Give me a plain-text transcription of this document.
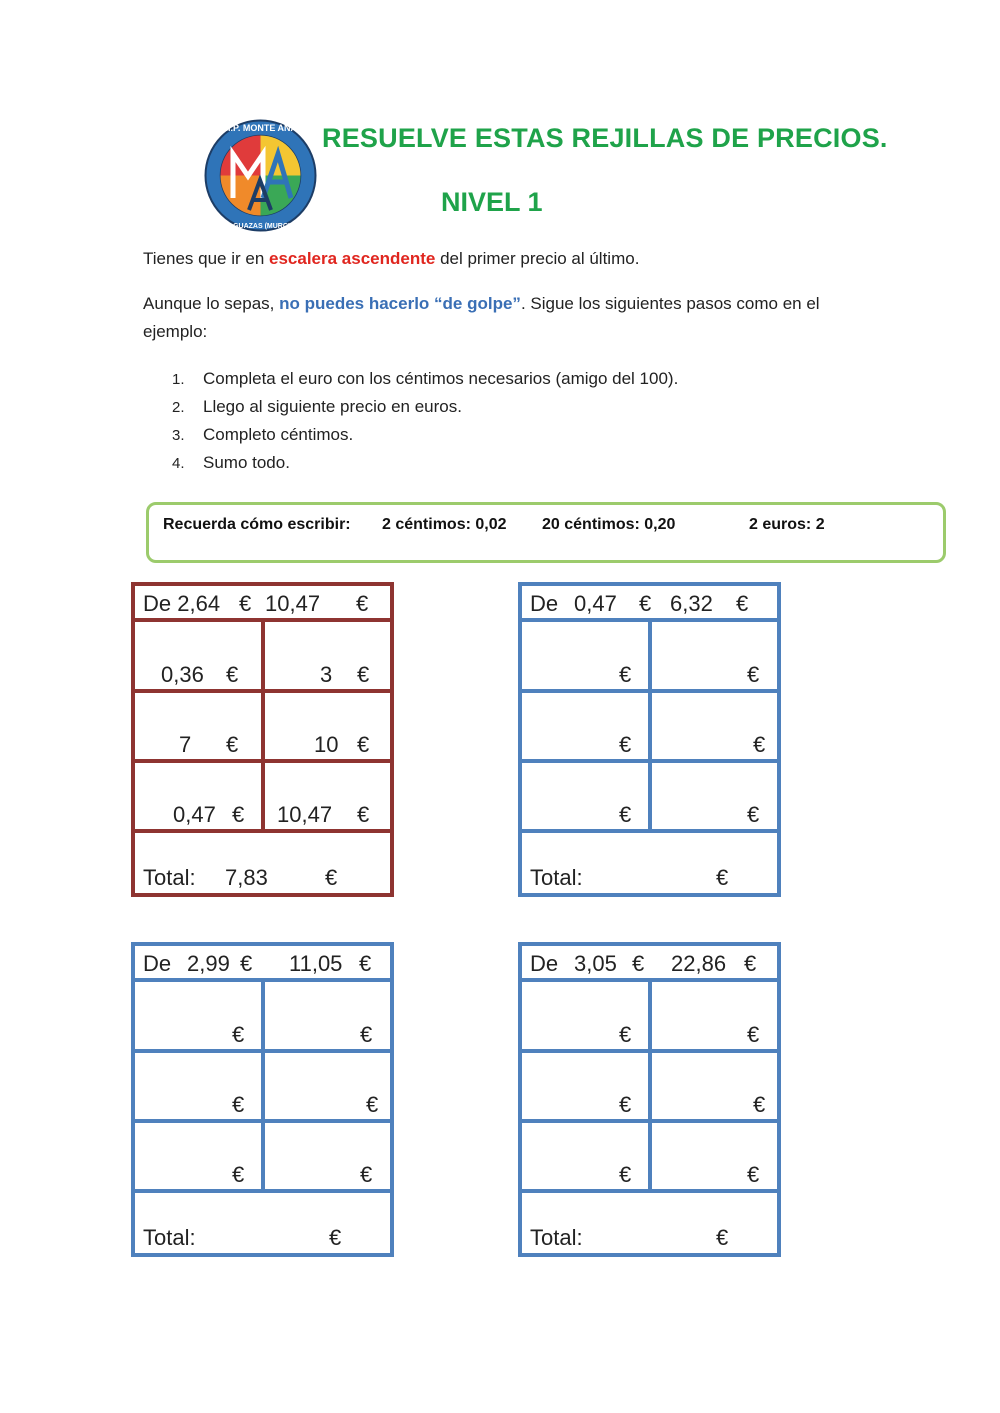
C.E.I.P. MONTE ANAOR
ALGUAZAS (MURCIA)
RESUELVE ESTAS REJILLAS DE PRECIOS.
NIVEL 1
Tienes que ir en escalera ascendente del primer precio al último.
Aunque lo sepas, no puedes hacerlo “de golpe”. Sigue los siguientes pasos como en el
ejemplo:
1. Completa el euro con los céntimos necesarios (amigo del 100).
2. Llego al siguiente precio en euros.
3. Completo céntimos.
4. Sumo todo.
Recuerda cómo escribir: 2 céntimos: 0,02 20 céntimos: 0,20	2 euros: 2
De 2,64 € 10,47 €
0,36 €	3 €
7 €	10 €
0,47 € 10,47 €
Total: 7,83	€
De 0,47 € 6,32 €
€	€
€	€
€	€
Total:	€
De 2,99 € 11,05 €
€	€
€	€
€	€
Total:	€
De 3,05 € 22,86 €
€	€
€	€
€	€
Total:	€
